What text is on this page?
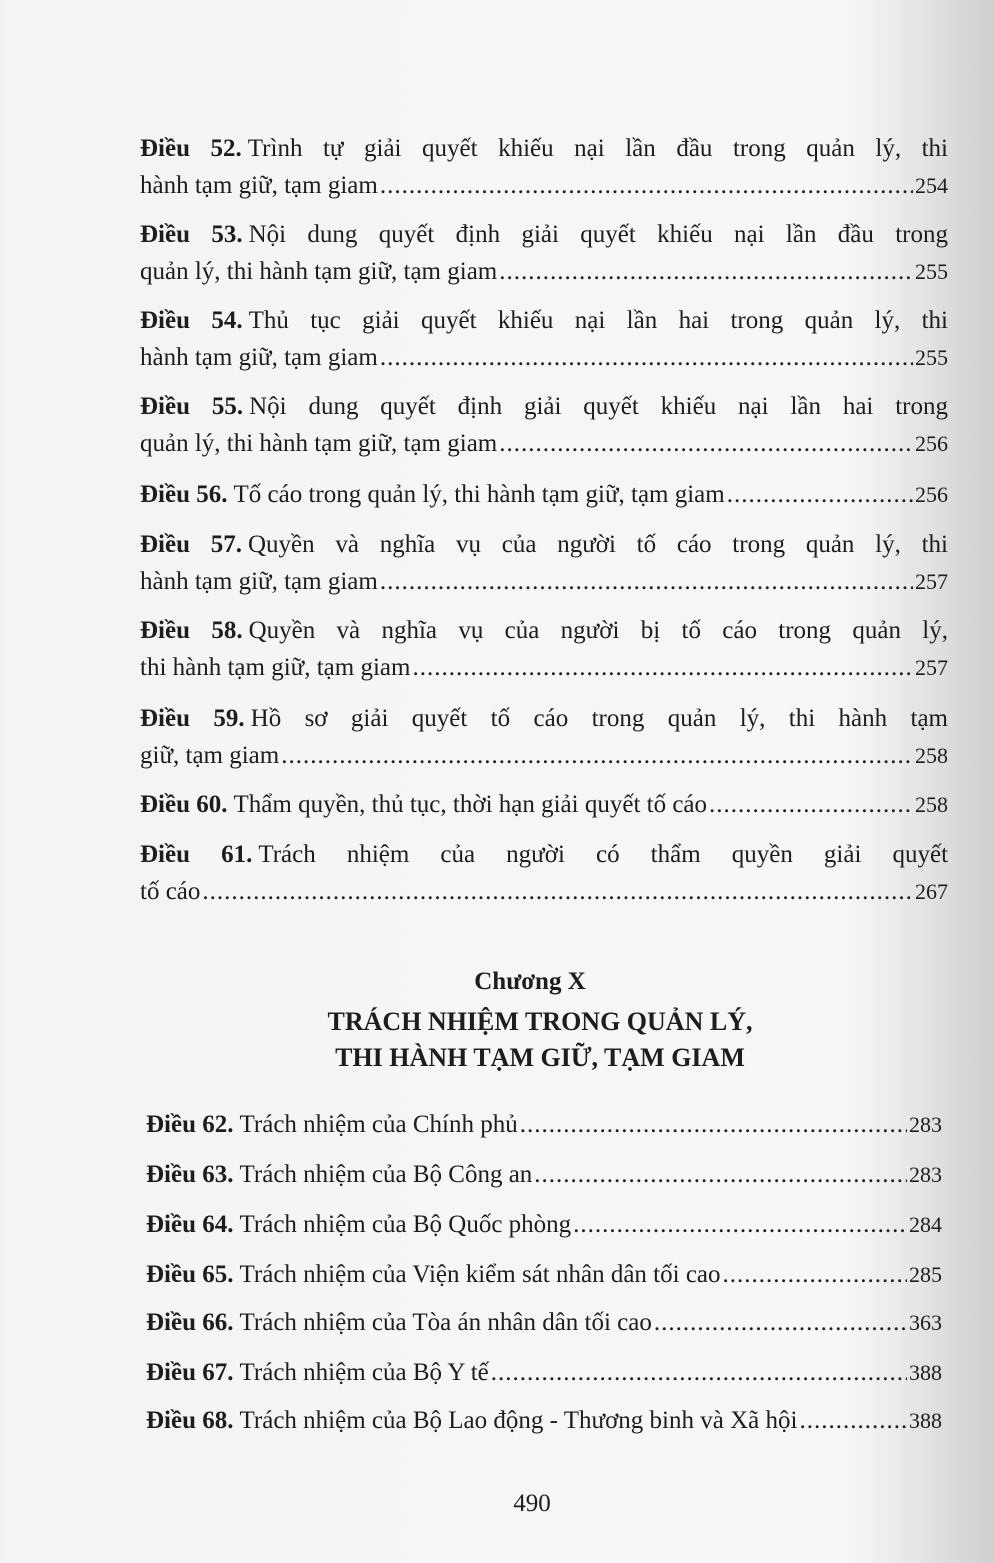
Điều 52. Trình tự giải quyết khiếu nại lần đầu trong quản lý, thi
hành tạm giữ, tạm giam .....	254
Điều 53. Nội dung quyết định giải quyết khiếu nại lần đầu trong
quản lý, thi hành tạm giữ, tạm giam .....	255
Điều 54. Thủ tục giải quyết khiếu nại lần hai trong quản lý, thi
hành tạm giữ, tạm giam .....	255
Điều 55. Nội dung quyết định giải quyết khiếu nại lần hai trong
quản lý, thi hành tạm giữ, tạm giam .....	256
Điều 56. Tố cáo trong quản lý, thi hành tạm giữ, tạm giam .....	256
Điều 57. Quyền và nghĩa vụ của người tố cáo trong quản lý, thi
hành tạm giữ, tạm giam .....	257
Điều 58. Quyền và nghĩa vụ của người bị tố cáo trong quản lý,
thi hành tạm giữ, tạm giam .....	257
Điều 59. Hồ sơ giải quyết tố cáo trong quản lý, thi hành tạm
giữ, tạm giam .....	258
Điều 60. Thẩm quyền, thủ tục, thời hạn giải quyết tố cáo .....	258
Điều 61. Trách nhiệm của người có thẩm quyền giải quyết
tố cáo .....	267
Điều 62. Trách nhiệm của Chính phủ .....	283
Điều 63. Trách nhiệm của Bộ Công an .....	283
Điều 64. Trách nhiệm của Bộ Quốc phòng .....	284
Điều 65. Trách nhiệm của Viện kiểm sát nhân dân tối cao .....	285
Điều 66. Trách nhiệm của Tòa án nhân dân tối cao .....	363
Điều 67. Trách nhiệm của Bộ Y tế .....	388
Điều 68. Trách nhiệm của Bộ Lao động - Thương binh và Xã hội .....	388
Chương X
TRÁCH NHIỆM TRONG QUẢN LÝ,
THI HÀNH TẠM GIỮ, TẠM GIAM
490
